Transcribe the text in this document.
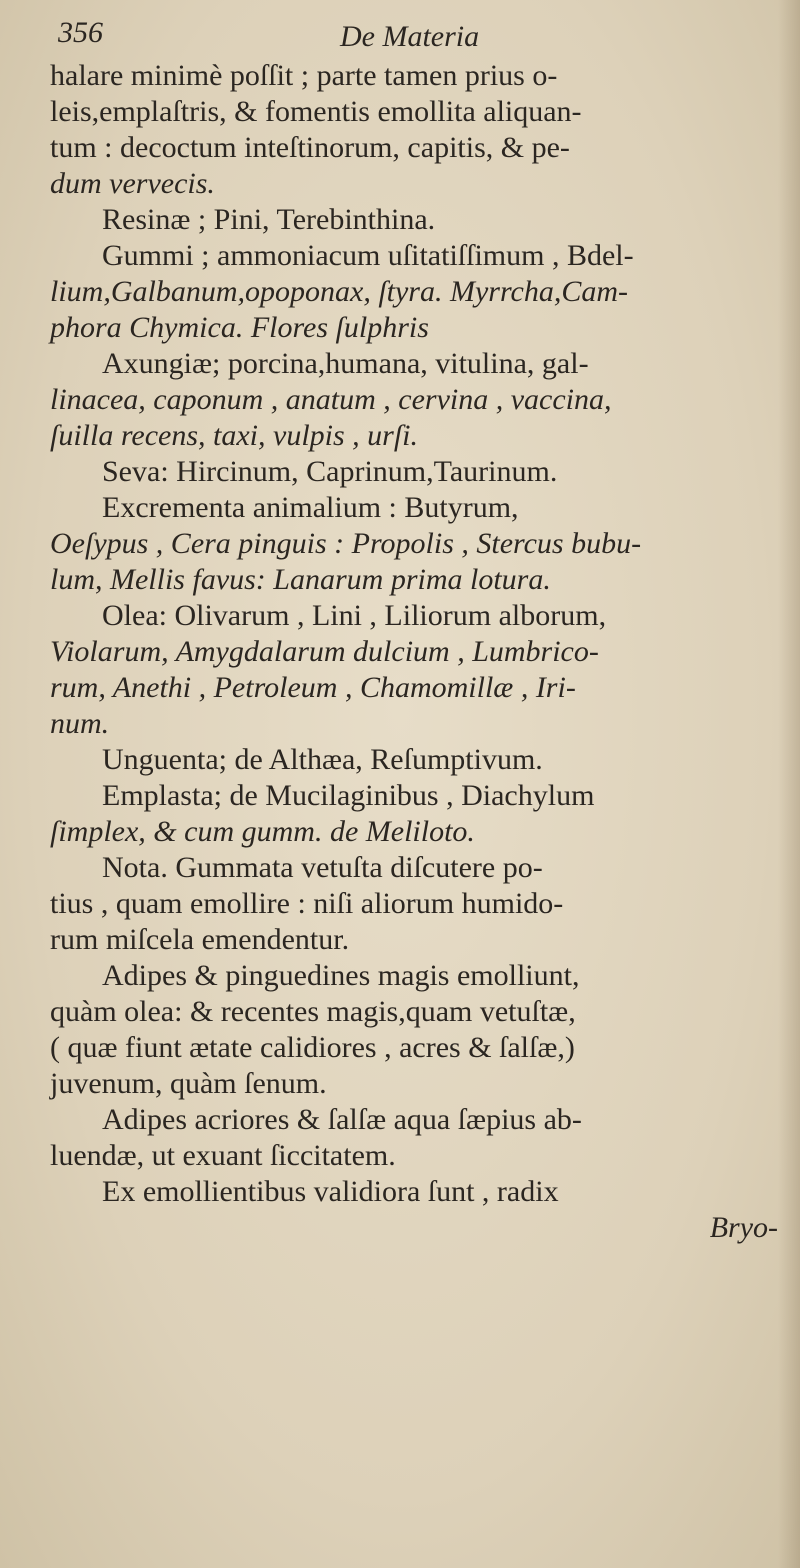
356	De Materia
halare minimè poſſit ; parte tamen prius o-
leis,emplaſtris, & fomentis emollita aliquan-
tum : decoctum inteſtinorum, capitis, & pe-
dum vervecis.
Resinæ ; Pini, Terebinthina.
Gummi ; ammoniacum uſitatiſſimum , Bdel-
lium,Galbanum,opoponax, ſtyra. Myrrcha,Cam-
phora Chymica. Flores ſulphris
Axungiæ; porcina,humana, vitulina, gal-
linacea, caponum , anatum , cervina , vaccina,
ſuilla recens, taxi, vulpis , urſi.
Seva: Hircinum, Caprinum,Taurinum.
Excrementa animalium : Butyrum,
Oeſypus , Cera pinguis : Propolis , Stercus bubu-
lum, Mellis favus: Lanarum prima lotura.
Olea: Olivarum , Lini , Liliorum alborum,
Violarum, Amygdalarum dulcium , Lumbrico-
rum, Anethi , Petroleum , Chamomillæ , Iri-
num.
Unguenta; de Althæa, Reſumptivum.
Emplasta; de Mucilaginibus , Diachylum
ſimplex, & cum gumm. de Meliloto.
Nota. Gummata vetuſta diſcutere po-
tius , quam emollire : niſi aliorum humido-
rum miſcela emendentur.
Adipes & pinguedines magis emolliunt,
quàm olea: & recentes magis,quam vetuſtæ,
( quæ fiunt ætate calidiores , acres & ſalſæ,)
juvenum, quàm ſenum.
Adipes acriores & ſalſæ aqua ſæpius ab-
luendæ, ut exuant ſiccitatem.
Ex emollientibus validiora ſunt , radix
Bryo-
